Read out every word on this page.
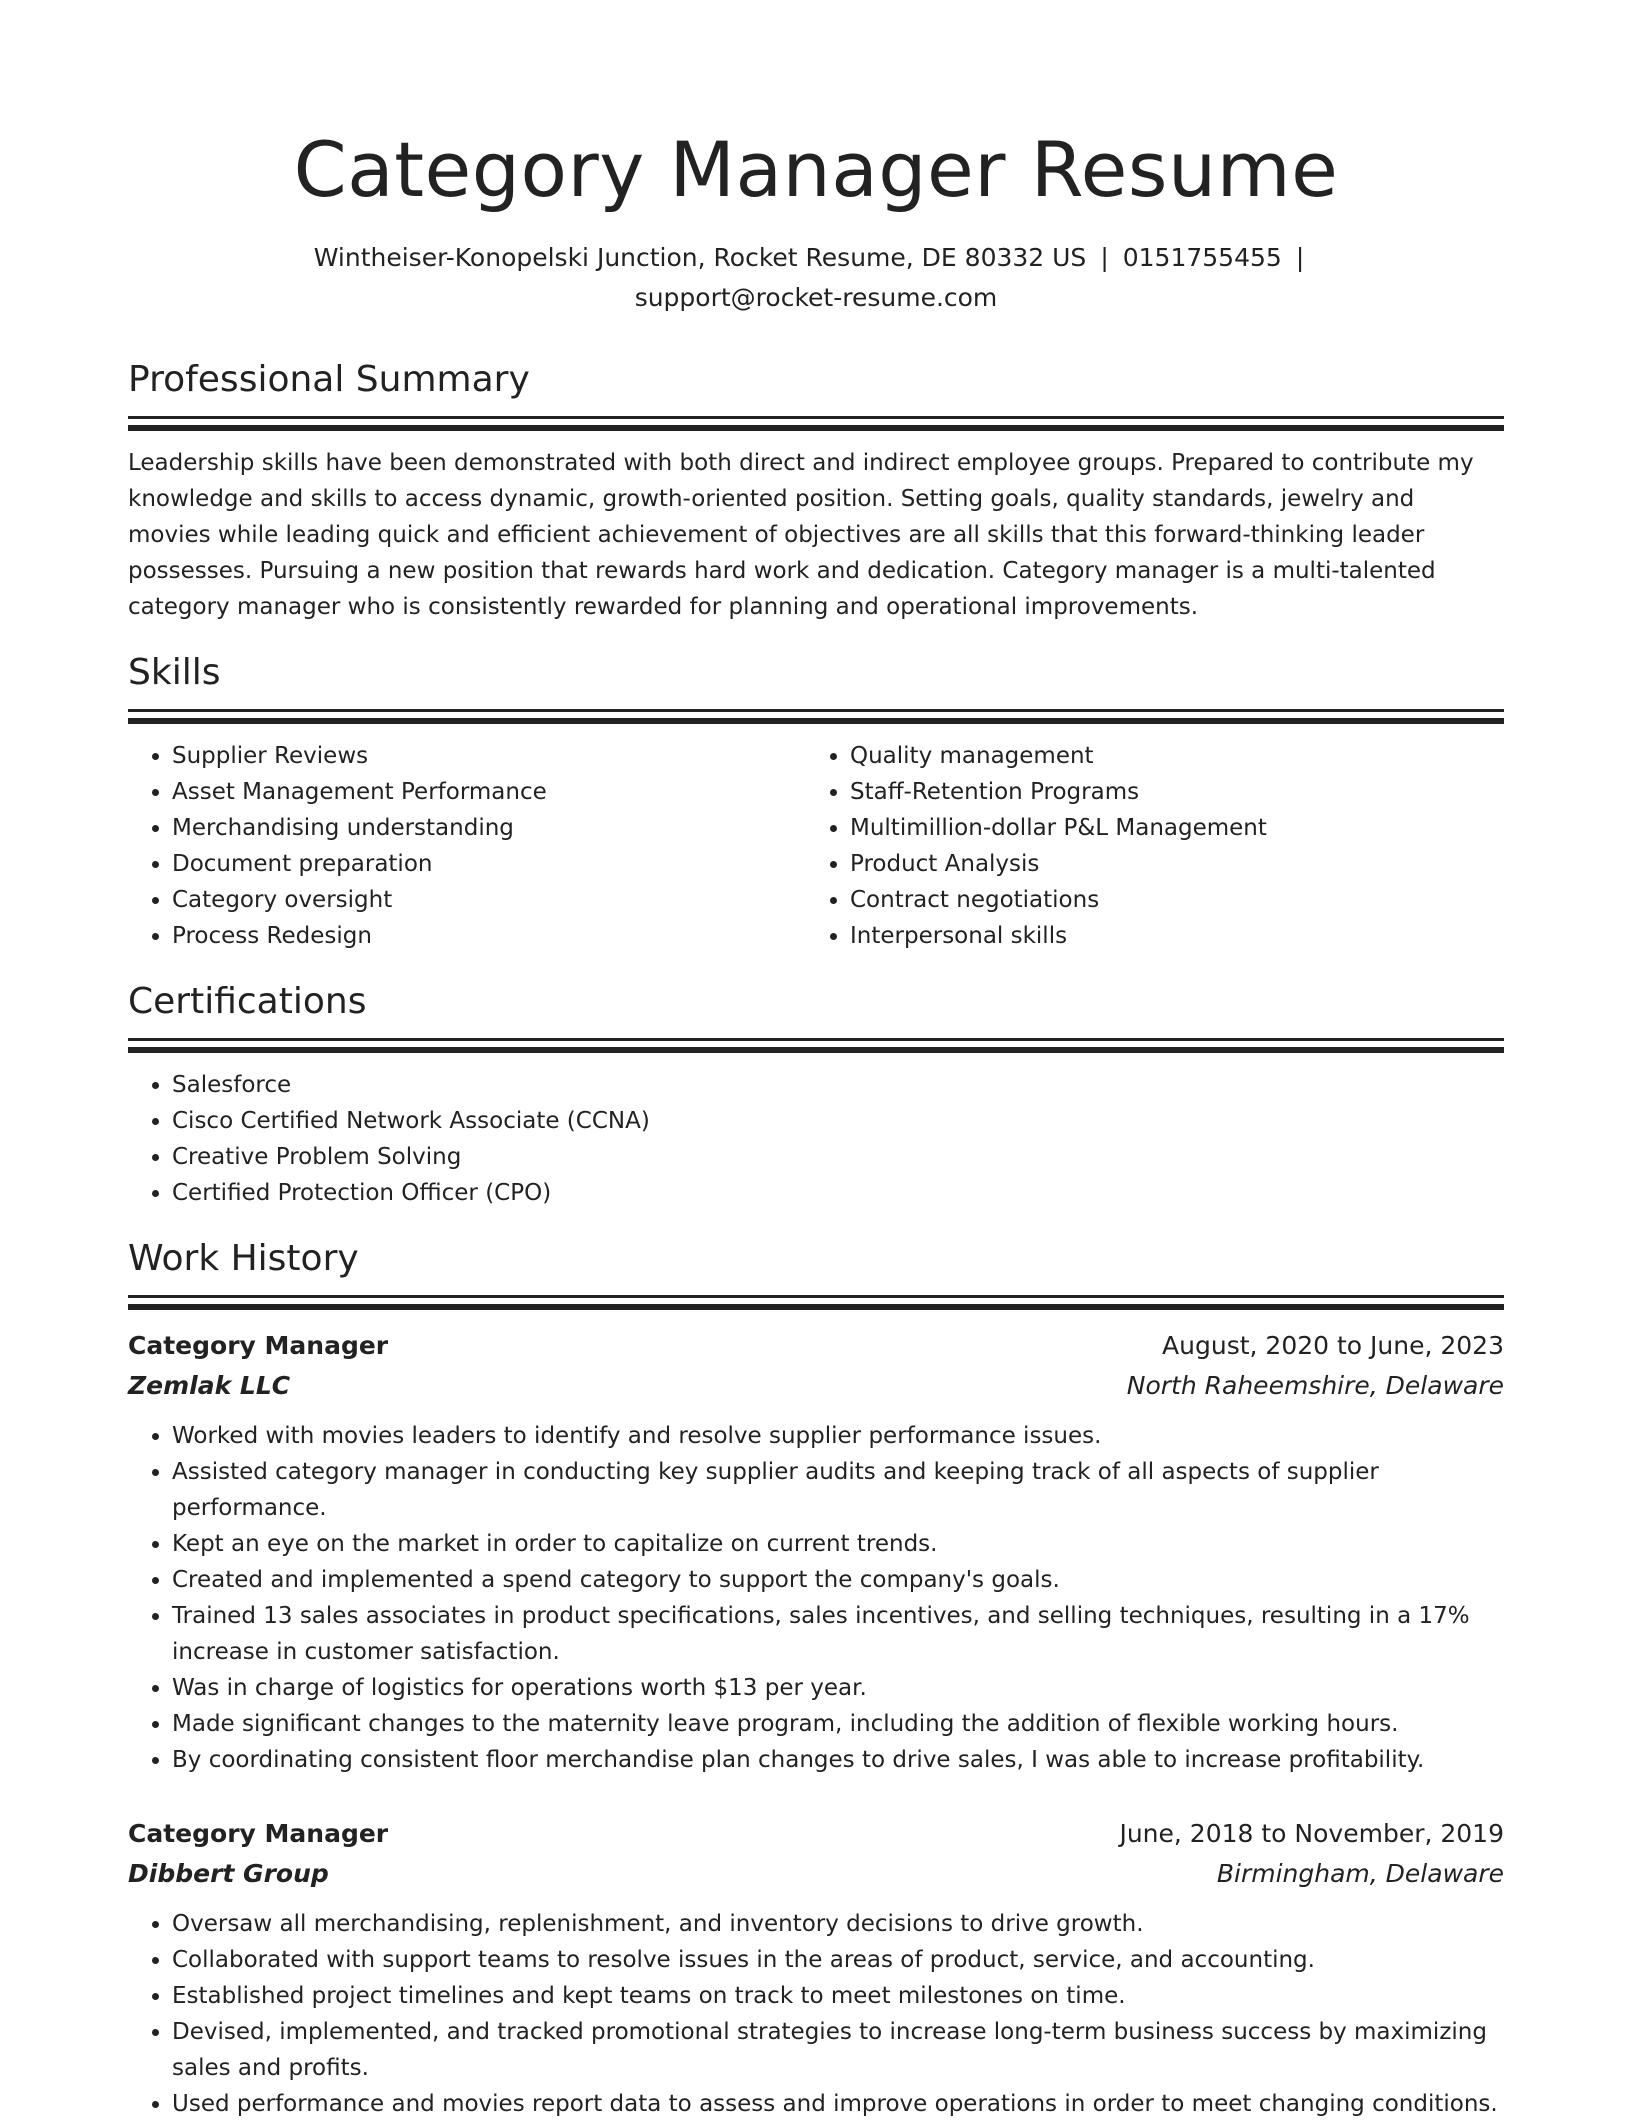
Category Manager Resume
Wintheiser-Konopelski Junction, Rocket Resume, DE 80332 US | 0151755455 |
support@rocket-resume.com
Professional Summary
Leadership skills have been demonstrated with both direct and indirect employee groups. Prepared to contribute my knowledge and skills to access dynamic, growth-oriented position. Setting goals, quality standards, jewelry and movies while leading quick and efficient achievement of objectives are all skills that this forward-thinking leader possesses. Pursuing a new position that rewards hard work and dedication. Category manager is a multi-talented category manager who is consistently rewarded for planning and operational improvements.
Skills
• Supplier Reviews
• Asset Management Performance
• Merchandising understanding
• Document preparation
• Category oversight
• Process Redesign
• Quality management
• Staff-Retention Programs
• Multimillion-dollar P&L Management
• Product Analysis
• Contract negotiations
• Interpersonal skills
Certifications
• Salesforce
• Cisco Certified Network Associate (CCNA)
• Creative Problem Solving
• Certified Protection Officer (CPO)
Work History
Category Manager	August, 2020 to June, 2023
Zemlak LLC	North Raheemshire, Delaware
• Worked with movies leaders to identify and resolve supplier performance issues.
• Assisted category manager in conducting key supplier audits and keeping track of all aspects of supplier performance.
• Kept an eye on the market in order to capitalize on current trends.
• Created and implemented a spend category to support the company's goals.
• Trained 13 sales associates in product specifications, sales incentives, and selling techniques, resulting in a 17% increase in customer satisfaction.
• Was in charge of logistics for operations worth $13 per year.
• Made significant changes to the maternity leave program, including the addition of flexible working hours.
• By coordinating consistent floor merchandise plan changes to drive sales, I was able to increase profitability.
Category Manager	June, 2018 to November, 2019
Dibbert Group	Birmingham, Delaware
• Oversaw all merchandising, replenishment, and inventory decisions to drive growth.
• Collaborated with support teams to resolve issues in the areas of product, service, and accounting.
• Established project timelines and kept teams on track to meet milestones on time.
• Devised, implemented, and tracked promotional strategies to increase long-term business success by maximizing sales and profits.
• Used performance and movies report data to assess and improve operations in order to meet changing conditions.
